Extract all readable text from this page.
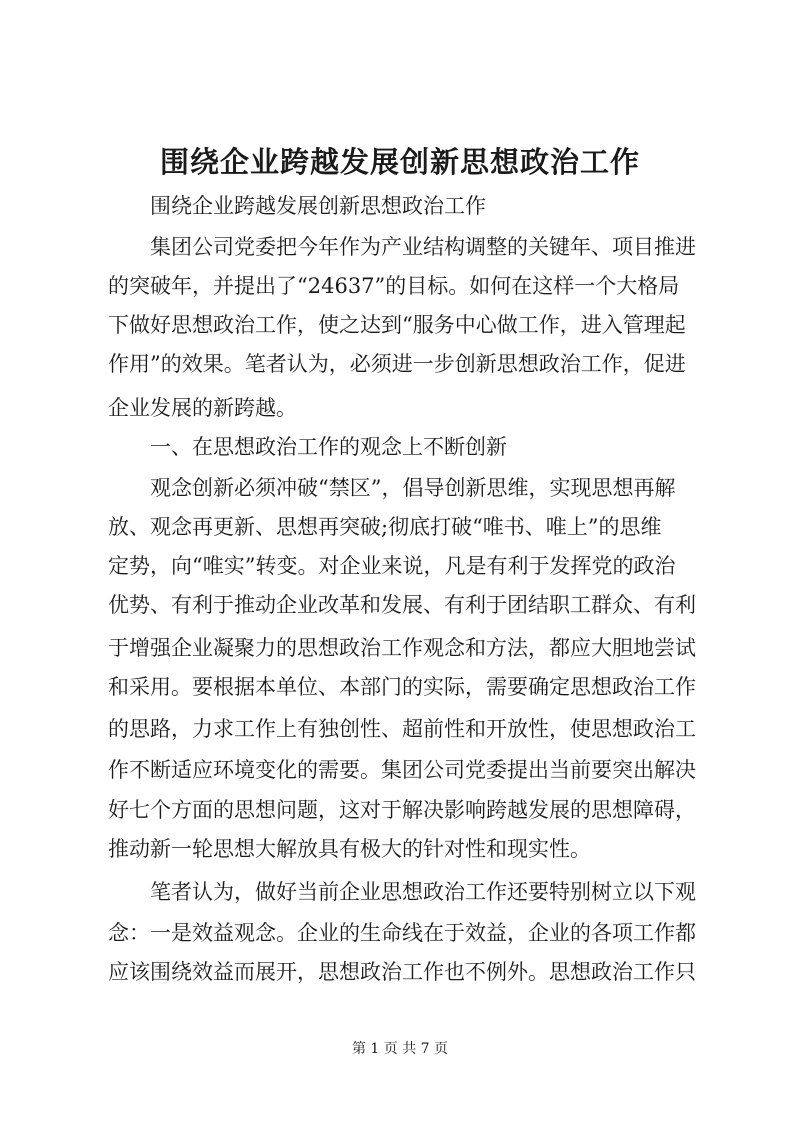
围绕企业跨越发展创新思想政治工作

围绕企业跨越发展创新思想政治工作

集团公司党委把今年作为产业结构调整的关键年、项目推进

的突破年，并提出了“24637”的目标。如何在这样一个大格局

下做好思想政治工作，使之达到“服务中心做工作，进入管理起

作用”的效果。笔者认为，必须进一步创新思想政治工作，促进

企业发展的新跨越。

一、在思想政治工作的观念上不断创新

观念创新必须冲破“禁区”，倡导创新思维，实现思想再解

放、观念再更新、思想再突破;彻底打破“唯书、唯上”的思维

定势，向“唯实”转变。对企业来说，凡是有利于发挥党的政治

优势、有利于推动企业改革和发展、有利于团结职工群众、有利

于增强企业凝聚力的思想政治工作观念和方法，都应大胆地尝试

和采用。要根据本单位、本部门的实际，需要确定思想政治工作

的思路，力求工作上有独创性、超前性和开放性，使思想政治工

作不断适应环境变化的需要。集团公司党委提出当前要突出解决

好七个方面的思想问题，这对于解决影响跨越发展的思想障碍，

推动新一轮思想大解放具有极大的针对性和现实性。

笔者认为，做好当前企业思想政治工作还要特别树立以下观

念：一是效益观念。企业的生命线在于效益，企业的各项工作都

应该围绕效益而展开，思想政治工作也不例外。思想政治工作只

第 1 页 共 7 页
